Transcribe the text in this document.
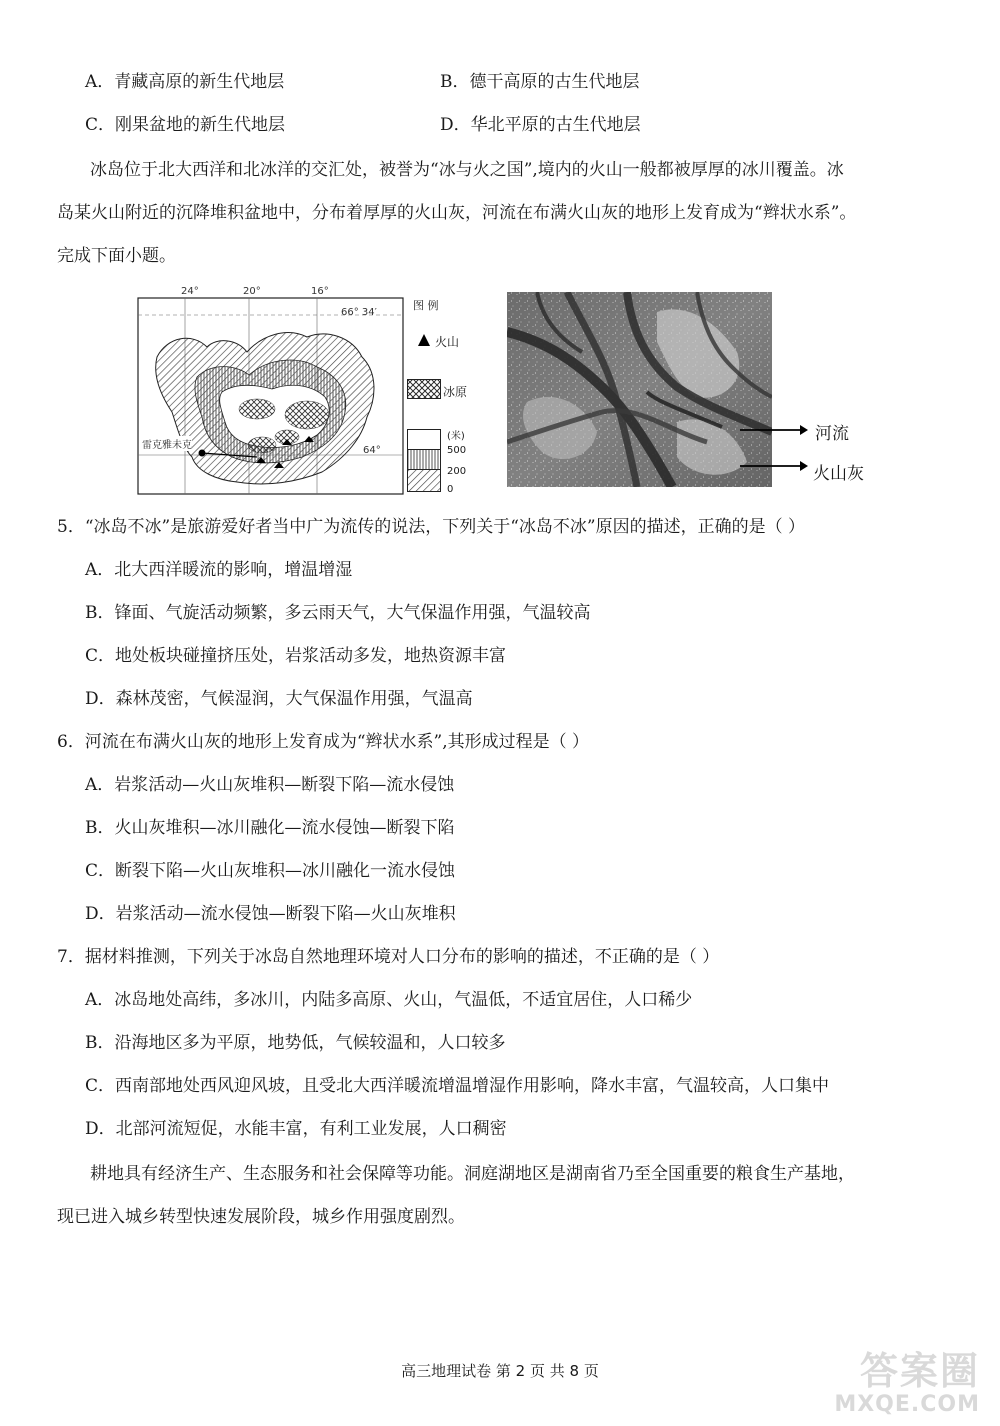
A．青藏高原的新生代地层	B．德干高原的古生代地层
C．刚果盆地的新生代地层	D．华北平原的古生代地层
冰岛位于北大西洋和北冰洋的交汇处，被誉为“冰与火之国”,境内的火山一般都被厚厚的冰川覆盖。冰
岛某火山附近的沉降堆积盆地中，分布着厚厚的火山灰，河流在布满火山灰的地形上发育成为“辫状水系”。
完成下面小题。
24°	20°	16°
66° 34′
64°
雷克雅未克
图 例
火山
冰原
(米)
500
200
0
河流
火山灰
5．“冰岛不冰”是旅游爱好者当中广为流传的说法，下列关于“冰岛不冰”原因的描述，正确的是（ ）
A．北大西洋暖流的影响，增温增湿
B．锋面、气旋活动频繁，多云雨天气，大气保温作用强，气温较高
C．地处板块碰撞挤压处，岩浆活动多发，地热资源丰富
D．森林茂密，气候湿润，大气保温作用强，气温高
6．河流在布满火山灰的地形上发育成为“辫状水系”,其形成过程是（ ）
A．岩浆活动—火山灰堆积—断裂下陷—流水侵蚀
B．火山灰堆积—冰川融化—流水侵蚀—断裂下陷
C．断裂下陷—火山灰堆积—冰川融化一流水侵蚀
D．岩浆活动—流水侵蚀—断裂下陷—火山灰堆积
7．据材料推测，下列关于冰岛自然地理环境对人口分布的影响的描述，不正确的是（ ）
A．冰岛地处高纬，多冰川，内陆多高原、火山，气温低，不适宜居住，人口稀少
B．沿海地区多为平原，地势低，气候较温和，人口较多
C．西南部地处西风迎风坡，且受北大西洋暖流增温增湿作用影响，降水丰富，气温较高，人口集中
D．北部河流短促，水能丰富，有利工业发展，人口稠密
耕地具有经济生产、生态服务和社会保障等功能。洞庭湖地区是湖南省乃至全国重要的粮食生产基地，
现已进入城乡转型快速发展阶段，城乡作用强度剧烈。
高三地理试卷 第 2 页 共 8 页	答案圈
MXQE.COM
